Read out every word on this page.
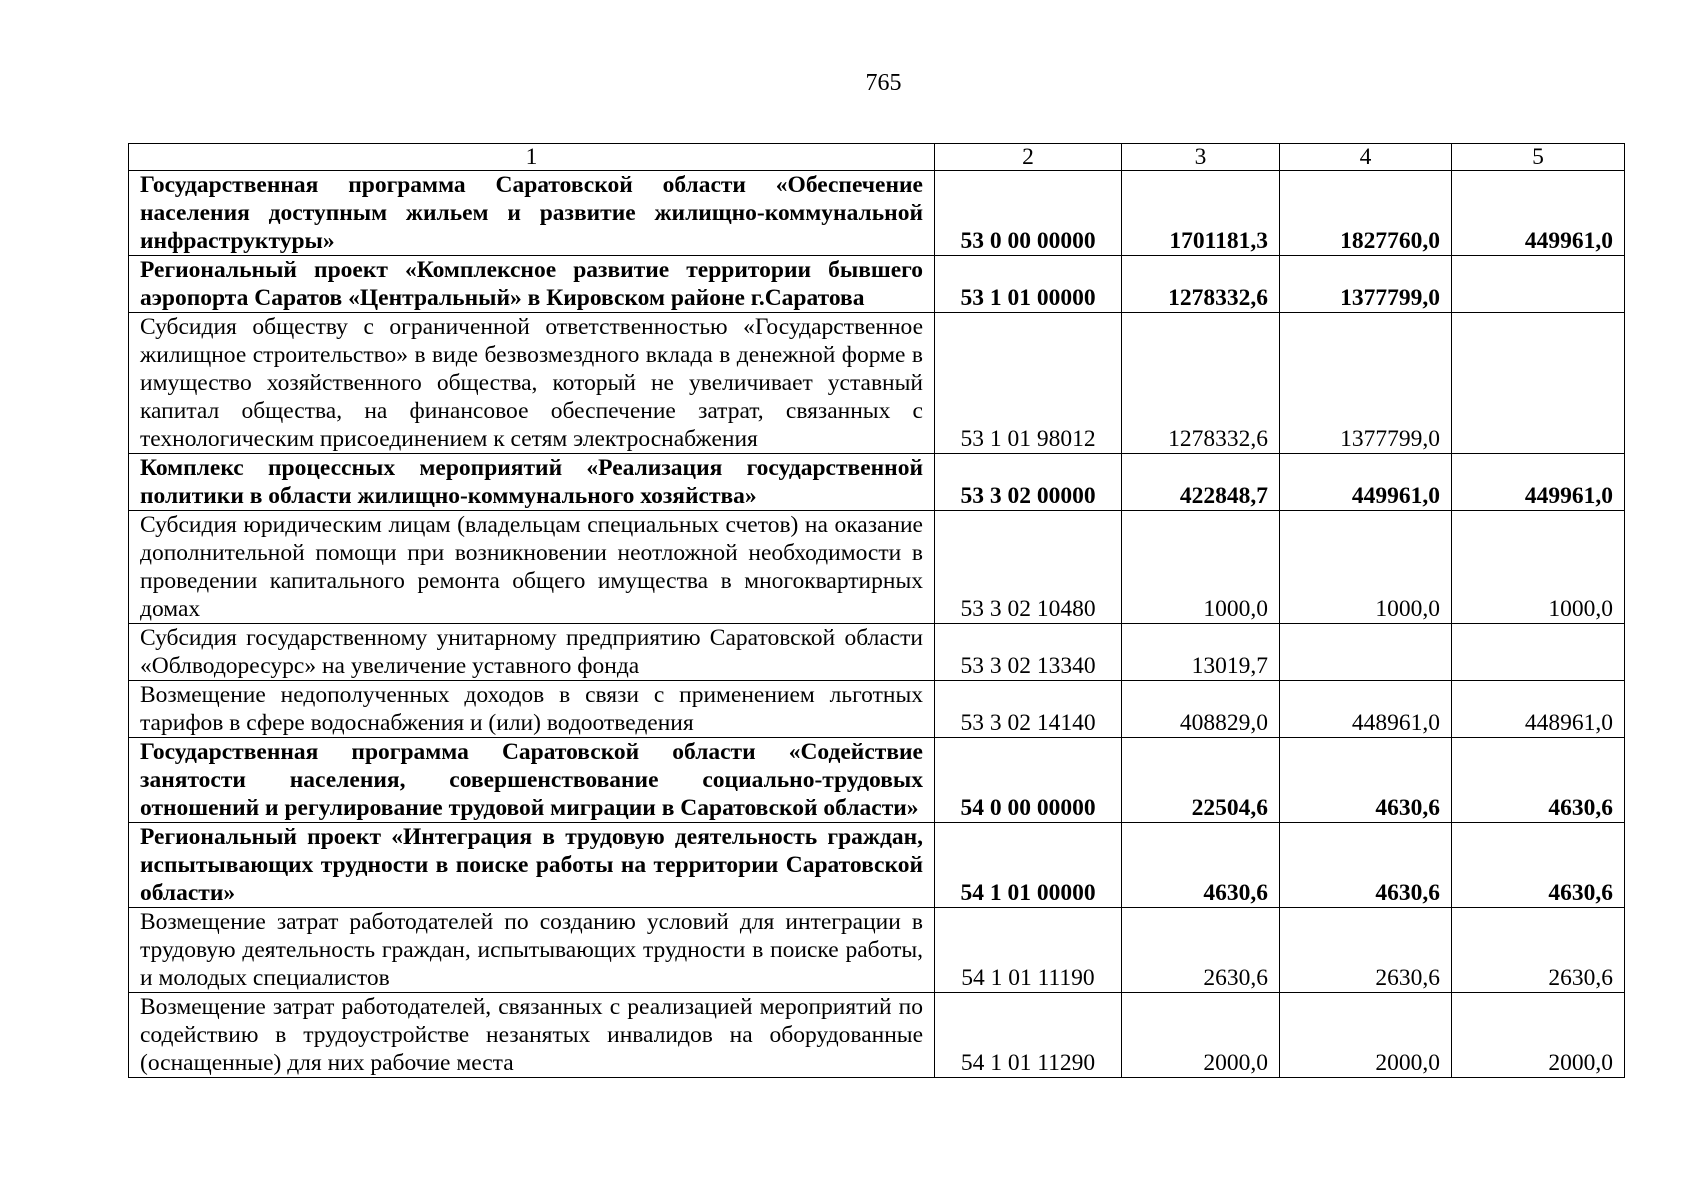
765
1	2	3	4	5
Государственная программа Саратовской области «Обеспечение населения доступным жильем и развитие жилищно-коммунальной инфраструктуры»	53 0 00 00000	1701181,3	1827760,0	449961,0
Региональный проект «Комплексное развитие территории бывшего аэропорта Саратов «Центральный» в Кировском районе г.Саратова	53 1 01 00000	1278332,6	1377799,0	
Субсидия обществу с ограниченной ответственностью «Государственное жилищное строительство» в виде безвозмездного вклада в денежной форме в имущество хозяйственного общества, который не увеличивает уставный капитал общества, на финансовое обеспечение затрат, связанных с технологическим присоединением к сетям электроснабжения	53 1 01 98012	1278332,6	1377799,0	
Комплекс процессных мероприятий «Реализация государственной политики в области жилищно-коммунального хозяйства»	53 3 02 00000	422848,7	449961,0	449961,0
Субсидия юридическим лицам (владельцам специальных счетов) на оказание дополнительной помощи при возникновении неотложной необходимости в проведении капитального ремонта общего имущества в многоквартирных домах	53 3 02 10480	1000,0	1000,0	1000,0
Субсидия государственному унитарному предприятию Саратовской области «Облводоресурс» на увеличение уставного фонда	53 3 02 13340	13019,7		
Возмещение недополученных доходов в связи с применением льготных тарифов в сфере водоснабжения и (или) водоотведения	53 3 02 14140	408829,0	448961,0	448961,0
Государственная программа Саратовской области «Содействие занятости населения, совершенствование социально-трудовых отношений и регулирование трудовой миграции в Саратовской области»	54 0 00 00000	22504,6	4630,6	4630,6
Региональный проект «Интеграция в трудовую деятельность граждан, испытывающих трудности в поиске работы на территории Саратовской области»	54 1 01 00000	4630,6	4630,6	4630,6
Возмещение затрат работодателей по созданию условий для интеграции в трудовую деятельность граждан, испытывающих трудности в поиске работы, и молодых специалистов	54 1 01 11190	2630,6	2630,6	2630,6
Возмещение затрат работодателей, связанных с реализацией мероприятий по содействию в трудоустройстве незанятых инвалидов на оборудованные (оснащенные) для них рабочие места	54 1 01 11290	2000,0	2000,0	2000,0
